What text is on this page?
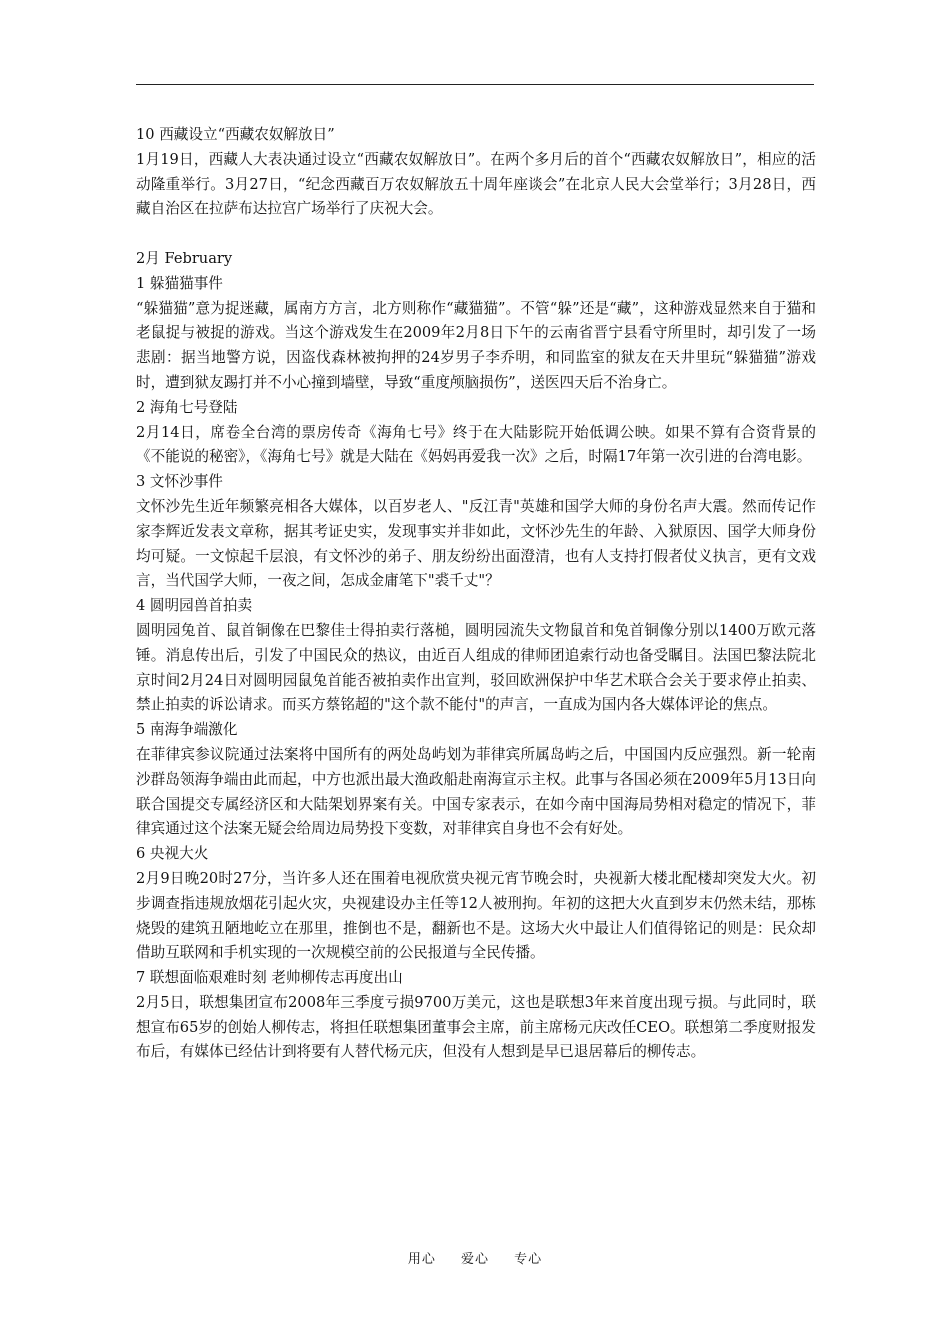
10 西藏设立“西藏农奴解放日”

1月19日，西藏人大表决通过设立“西藏农奴解放日”。在两个多月后的首个“西藏农奴解放日”，相应的活动隆重举行。3月27日，“纪念西藏百万农奴解放五十周年座谈会”在北京人民大会堂举行；3月28日，西藏自治区在拉萨布达拉宫广场举行了庆祝大会。

2月 February

1 躲猫猫事件

“躲猫猫”意为捉迷藏，属南方方言，北方则称作“藏猫猫”。不管“躲”还是“藏”，这种游戏显然来自于猫和老鼠捉与被捉的游戏。当这个游戏发生在2009年2月8日下午的云南省晋宁县看守所里时，却引发了一场悲剧：据当地警方说，因盗伐森林被拘押的24岁男子李乔明，和同监室的狱友在天井里玩“躲猫猫”游戏时，遭到狱友踢打并不小心撞到墙壁，导致“重度颅脑损伤”，送医四天后不治身亡。

2 海角七号登陆

2月14日，席卷全台湾的票房传奇《海角七号》终于在大陆影院开始低调公映。如果不算有合资背景的《不能说的秘密》，《海角七号》就是大陆在《妈妈再爱我一次》之后，时隔17年第一次引进的台湾电影。

3 文怀沙事件

文怀沙先生近年频繁亮相各大媒体，以百岁老人、"反江青"英雄和国学大师的身份名声大震。然而传记作家李辉近发表文章称，据其考证史实，发现事实并非如此，文怀沙先生的年龄、入狱原因、国学大师身份均可疑。一文惊起千层浪，有文怀沙的弟子、朋友纷纷出面澄清，也有人支持打假者仗义执言，更有文戏言，当代国学大师，一夜之间，怎成金庸笔下"裘千丈"？

4 圆明园兽首拍卖

圆明园兔首、鼠首铜像在巴黎佳士得拍卖行落槌，圆明园流失文物鼠首和兔首铜像分别以1400万欧元落锤。消息传出后，引发了中国民众的热议，由近百人组成的律师团追索行动也备受瞩目。法国巴黎法院北京时间2月24日对圆明园鼠兔首能否被拍卖作出宣判，驳回欧洲保护中华艺术联合会关于要求停止拍卖、禁止拍卖的诉讼请求。而买方蔡铭超的"这个款不能付"的声言，一直成为国内各大媒体评论的焦点。

5 南海争端激化

在菲律宾参议院通过法案将中国所有的两处岛屿划为菲律宾所属岛屿之后，中国国内反应强烈。新一轮南沙群岛领海争端由此而起，中方也派出最大渔政船赴南海宣示主权。此事与各国必须在2009年5月13日向联合国提交专属经济区和大陆架划界案有关。中国专家表示，在如今南中国海局势相对稳定的情况下，菲律宾通过这个法案无疑会给周边局势投下变数，对菲律宾自身也不会有好处。

6 央视大火

2月9日晚20时27分，当许多人还在围着电视欣赏央视元宵节晚会时，央视新大楼北配楼却突发大火。初步调查指违规放烟花引起火灾，央视建设办主任等12人被刑拘。年初的这把大火直到岁末仍然未结，那栋烧毁的建筑丑陋地屹立在那里，推倒也不是，翻新也不是。这场大火中最让人们值得铭记的则是：民众却借助互联网和手机实现的一次规模空前的公民报道与全民传播。

7 联想面临艰难时刻 老帅柳传志再度出山

2月5日，联想集团宣布2008年三季度亏损9700万美元，这也是联想3年来首度出现亏损。与此同时，联想宣布65岁的创始人柳传志，将担任联想集团董事会主席，前主席杨元庆改任CEO。联想第二季度财报发布后，有媒体已经估计到将要有人替代杨元庆，但没有人想到是早已退居幕后的柳传志。

用心 爱心 专心
